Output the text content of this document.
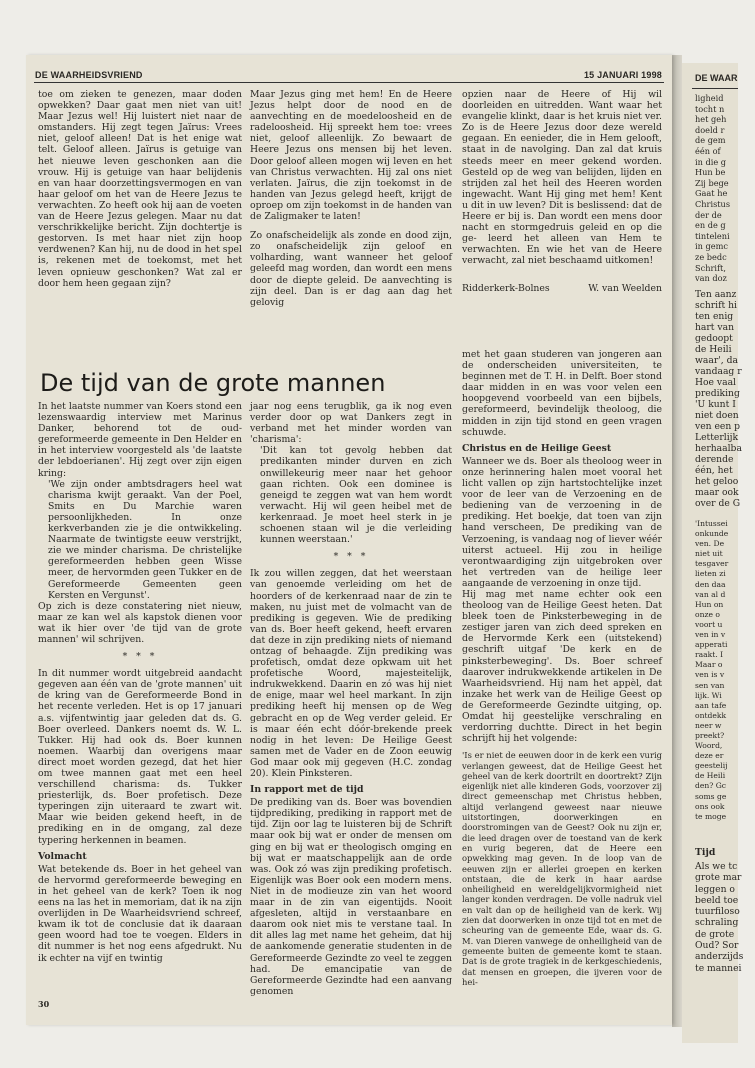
DE WAARHEIDSVRIEND	15 JANUARI 1998

toe om zieken te genezen, maar doden opwekken? Daar gaat men niet van uit! Maar Jezus wel! Hij luistert niet naar de omstanders. Hij zegt tegen Jaïrus: Vrees niet, geloof alleen! Dat is het enige wat telt. Geloof alleen. Jaïrus is getuige van het nieuwe leven geschonken aan die vrouw. Hij is getuige van haar belijdenis en van haar doorzettingsvermogen en van haar geloof om het van de Heere Jezus te verwachten. Zo heeft ook hij aan de voeten van de Heere Jezus gelegen. Maar nu dat verschrikkelijke bericht. Zijn dochtertje is gestorven. Is met haar niet zijn hoop verdwenen? Kan hij, nu de dood in het spel is, rekenen met de toekomst, met het leven opnieuw geschonken? Wat zal er door hem heen gegaan zijn?

Maar Jezus ging met hem! En de Heere Jezus helpt door de nood en de aanvechting en de moedeloosheid en de radeloosheid. Hij spreekt hem toe: vrees niet, geloof alleenlijk. Zo bewaart de Heere Jezus ons mensen bij het leven. Door geloof alleen mogen wij leven en het van Christus verwachten. Hij zal ons niet verlaten. Jaïrus, die zijn toekomst in de handen van Jezus gelegd heeft, krijgt de oproep om zijn toekomst in de handen van de Zaligmaker te laten!

Zo onafscheidelijk als zonde en dood zijn, zo onafscheidelijk zijn geloof en volharding, want wanneer het geloof geleefd mag worden, dan wordt een mens door de diepte geleid. De aanvechting is zijn deel. Dan is er dag aan dag het gelovig

opzien naar de Heere of Hij wil doorleiden en uitredden. Want waar het evangelie klinkt, daar is het kruis niet ver. Zo is de Heere Jezus door deze wereld gegaan. En eenieder, die in Hem gelooft, staat in de navolging. Dan zal dat kruis steeds meer en meer gekend worden. Gesteld op de weg van belijden, lijden en strijden zal het heil des Heeren worden ingewacht. Want Hij ging met hem! Kent u dit in uw leven? Dit is beslissend: dat de Heere er bij is. Dan wordt een mens door nacht en stormgedruis geleid en op die ge- leerd het alleen van Hem te verwachten. En wie het van de Heere verwacht, zal niet beschaamd uitkomen!

Ridderkerk-Bolnes	W. van Weelden
De tijd van de grote mannen

In het laatste nummer van Koers stond een lezenswaardig interview met Marinus Danker, behorend tot de oud-gereformeerde gemeente in Den Helder en in het interview voorgesteld als 'de laatste der lebdoerianen'. Hij zegt over zijn eigen kring:

'We zijn onder ambtsdragers heel wat charisma kwijt geraakt. Van der Poel, Smits en Du Marchie waren persoonlijkheden. In onze kerkverbanden zie je die ontwikkeling. Naarmate de twintigste eeuw verstrijkt, zie we minder charisma. De christelijke gereformeerden hebben geen Wisse meer, de hervormden geen Tukker en de Gereformeerde Gemeenten geen Kersten en Vergunst'.

Op zich is deze constatering niet nieuw, maar ze kan wel als kapstok dienen voor wat ik hier over 'de tijd van de grote mannen' wil schrijven.

* * *

In dit nummer wordt uitgebreid aandacht gegeven aan één van de 'grote mannen' uit de kring van de Gereformeerde Bond in het recente verleden. Het is op 17 januari a.s. vijfentwintig jaar geleden dat ds. G. Boer overleed. Dankers noemt ds. W. L. Tukker. Hij had ook ds. Boer kunnen noemen. Waarbij dan overigens maar direct moet worden gezegd, dat het hier om twee mannen gaat met een heel verschillend charisma: ds. Tukker priesterlijk, ds. Boer profetisch. Deze typeringen zijn uiteraard te zwart wit. Maar wie beiden gekend heeft, in de prediking en in de omgang, zal deze typering herkennen in beamen.

Volmacht

Wat betekende ds. Boer in het geheel van de hervormd gereformeerde beweging en in het geheel van de kerk? Toen ik nog eens na las het in memoriam, dat ik na zijn overlijden in De Waarheidsvriend schreef, kwam ik tot de conclusie dat ik daaraan geen woord had toe te voegen. Elders in dit nummer is het nog eens afgedrukt. Nu ik echter na vijf en twintig

jaar nog eens terugblik, ga ik nog even verder door op wat Dankers zegt in verband met het minder worden van 'charisma':

'Dit kan tot gevolg hebben dat predikanten minder durven en zich onwillekeurig meer naar het gehoor gaan richten. Ook een dominee is geneigd te zeggen wat van hem wordt verwacht. Hij wil geen heibel met de kerkenraad. Je moet heel sterk in je schoenen staan wil je die verleiding kunnen weerstaan.'

* * *

Ik zou willen zeggen, dat het weerstaan van genoemde verleiding om het de hoorders of de kerkenraad naar de zin te maken, nu juist met de volmacht van de prediking is gegeven. Wie de prediking van ds. Boer heeft gekend, heeft ervaren dat deze in zijn prediking niets of niemand ontzag of behaagde. Zijn prediking was profetisch, omdat deze opkwam uit het profetische Woord, majesteitelijk, indrukwekkend. Daarin en zó was hij niet de enige, maar wel heel markant. In zijn prediking heeft hij mensen op de Weg gebracht en op de Weg verder geleid. Er is maar één echt dóór-brekende preek nodig in het leven: De Heilige Geest samen met de Vader en de Zoon eeuwig God maar ook mij gegeven (H.C. zondag 20). Klein Pinksteren.

In rapport met de tijd

De prediking van ds. Boer was bovendien tijdprediking, prediking in rapport met de tijd. Zijn oor lag te luisteren bij de Schrift maar ook bij wat er onder de mensen om ging en bij wat er theologisch omging en bij wat er maatschappelijk aan de orde was. Ook zó was zijn prediking profetisch. Eigenlijk was Boer ook een modern mens. Niet in de modieuze zin van het woord maar in de zin van eigentijds. Nooit afgesleten, altijd in verstaanbare en daarom ook niet mis te verstane taal. In dit alles lag met name het geheim, dat hij de aankomende generatie studenten in de Gereformeerde Gezindte zo veel te zeggen had. De emancipatie van de Gereformeerde Gezindte had een aanvang genomen

met het gaan studeren van jongeren aan de onderscheiden universiteiten, te beginnen met de T. H. in Delft. Boer stond daar midden in en was voor velen een hoopgevend voorbeeld van een bijbels, gereformeerd, bevindelijk theoloog, die midden in zijn tijd stond en geen vragen schuwde.

Christus en de Heilige Geest

Wanneer we ds. Boer als theoloog weer in onze herinnering halen moet vooral het licht vallen op zijn hartstochtelijke inzet voor de leer van de Verzoening en de bediening van de verzoening in de prediking. Het boekje, dat toen van zijn hand verscheen, De prediking van de Verzoening, is vandaag nog of liever wéér uiterst actueel. Hij zou in heilige verontwaardiging zijn uitgebroken over het vertreden van de heilige leer aangaande de verzoening in onze tijd.

Hij mag met name echter ook een theoloog van de Heilige Geest heten. Dat bleek toen de Pinksterbeweging in de zestiger jaren van zich deed spreken en de Hervormde Kerk een (uitstekend) geschrift uitgaf 'De kerk en de pinksterbeweging'. Ds. Boer schreef daarover indrukwekkende artikelen in De Waarheidsvriend. Hij nam het appèl, dat inzake het werk van de Heilige Geest op de Gereformeerde Gezindte uitging, op. Omdat hij geestelijke verschraling en verdorring duchtte. Direct in het begin schrijft hij het volgende:

'Is er niet de eeuwen door in de kerk een vurig verlangen geweest, dat de Heilige Geest het geheel van de kerk doortrilt en doortrekt? Zijn eigenlijk niet alle kinderen Gods, voorzover zij direct gemeenschap met Christus hebben, altijd verlangend geweest naar nieuwe uitstortingen, doorwerkingen en doorstromingen van de Geest? Ook nu zijn er, die leed dragen over de toestand van de kerk en vurig begeren, dat de Heere een opwekking mag geven. In de loop van de eeuwen zijn er allerlei groepen en kerken ontstaan, die de kerk in haar aardse onheiligheid en wereldgelijkvormigheid niet langer konden verdragen. De volle nadruk viel en valt dan op de heiligheid van de kerk. Wij zien dat doorwerken in onze tijd tot en met de scheuring van de gemeente Ede, waar ds. G. M. van Dieren vanwege de onheiligheid van de gemeente buiten de gemeente komt te staan. Dat is de grote tragiek in de kerkgeschiedenis, dat mensen en groepen, die ijveren voor de hei-

30
DE WAAR
ligheid
tocht n
het geh
doeld r
de gem
één of
in die g
Hun be
Zij bege
Gaat he
Christus
der de
en de g
tinteleni
in gemc
ze bedc
Schrift,
van doz
Ten aanz
schrift hi
ten enig
hart van
gedoopt
de Heili
waar', da
vandaag r
Hoe vaal
prediking
'U kunt I
niet doen
ven een p
Letterlijk
herhaalba
derende
één, het
het geloo
maar ook
over de G
'Intussei
onkunde
ven. De
niet uit
tesgaver
lieten zi
den daa
van al d
Hun on
onze o
voort u
ven in v
apperati
raakt. I
Maar o
ven is v
sen van
lijk. Wi
aan tafe
ontdekk
neer w
preekt?
Woord,
deze er
geestelij
de Heili
den? Gc
soms ge
ons ook
te moge
Tijd
Als we tc
grote mar
leggen o
beeld toe
tuurfiloso
schraling
de grote
Oud? Sor
anderzijds
te mannei
